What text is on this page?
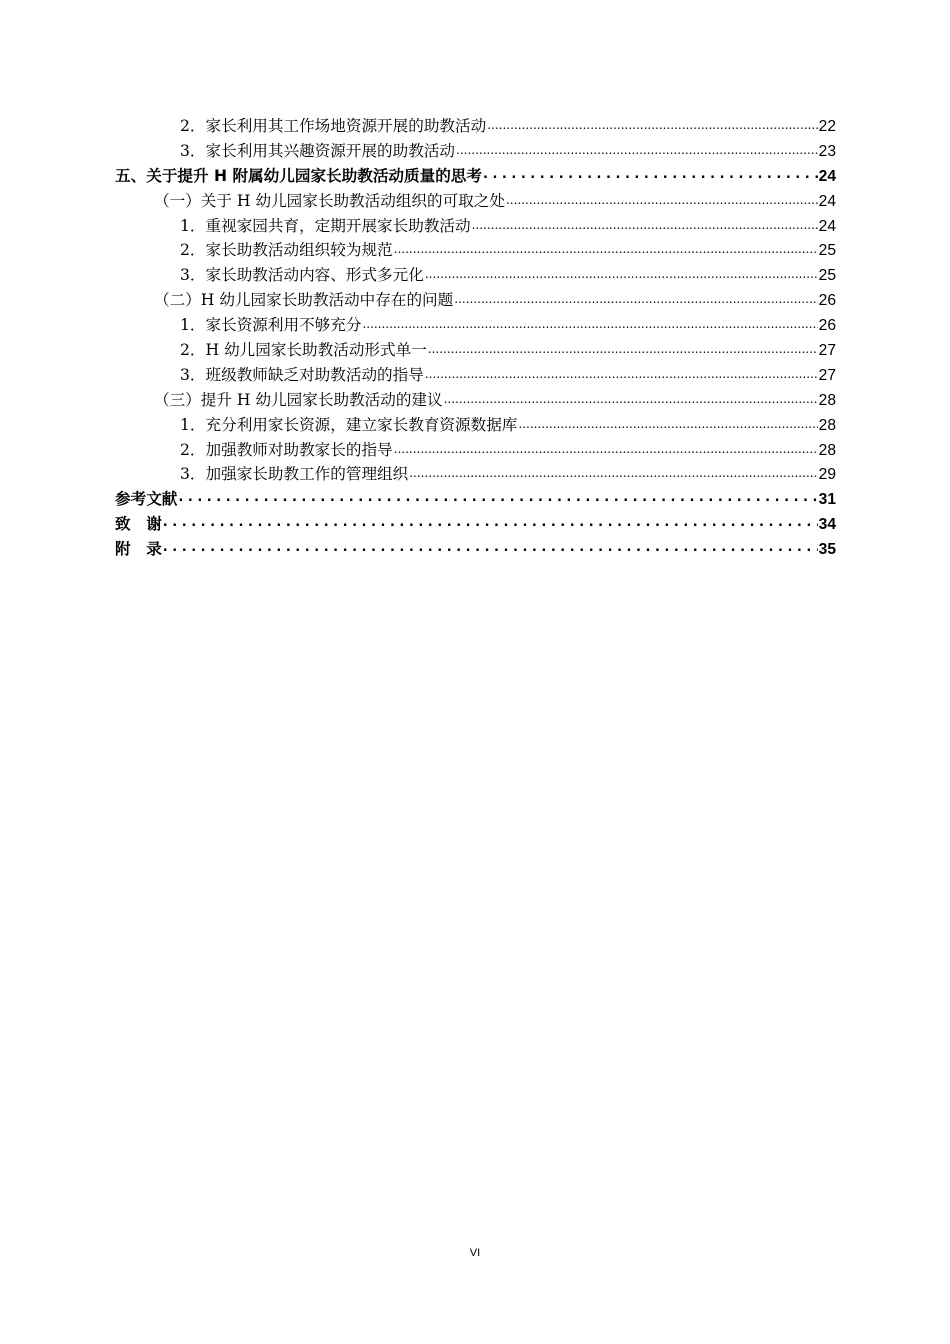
2．家长利用其工作场地资源开展的助教活动 .....	22
3．家长利用其兴趣资源开展的助教活动 .....	23
五、关于提升 H 附属幼儿园家长助教活动质量的思考 . . .	24
（一）关于 H 幼儿园家长助教活动组织的可取之处 .....	24
1．重视家园共育，定期开展家长助教活动 .....	24
2．家长助教活动组织较为规范 .....	25
3．家长助教活动内容、形式多元化 .....	25
（二）H 幼儿园家长助教活动中存在的问题 .....	26
1．家长资源利用不够充分 .....	26
2．H 幼儿园家长助教活动形式单一 .....	27
3．班级教师缺乏对助教活动的指导 .....	27
（三）提升 H 幼儿园家长助教活动的建议 .....	28
1．充分利用家长资源，建立家长教育资源数据库 .....	28
2．加强教师对助教家长的指导 .....	28
3．加强家长助教工作的管理组织 .....	29
参考文献 . . .	31
致　谢 . . .	34
附　录 . . .	35
VI
